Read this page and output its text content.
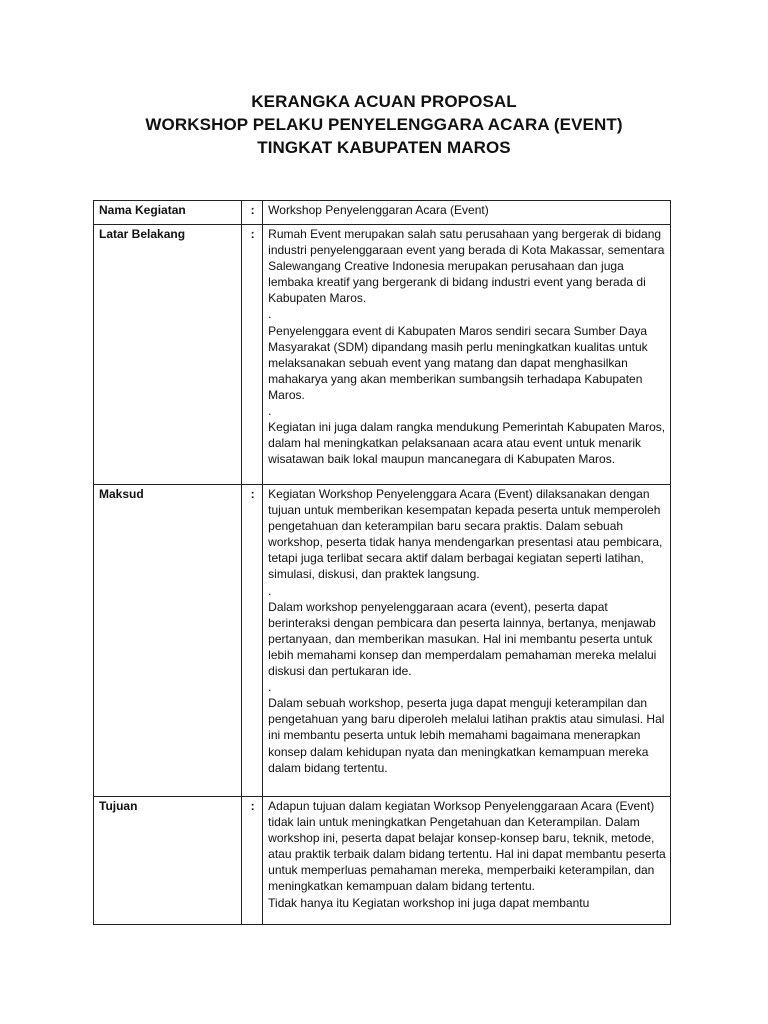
KERANGKA ACUAN PROPOSAL
WORKSHOP PELAKU PENYELENGGARA ACARA (EVENT)
TINGKAT KABUPATEN MAROS
Nama Kegiatan	:	Workshop Penyelenggaran Acara (Event)

Latar Belakang	:	Rumah Event merupakan salah satu perusahaan yang bergerak di bidang industri penyelenggaraan event yang berada di Kota Makassar, sementara Salewangang Creative Indonesia merupakan perusahaan dan juga lembaka kreatif yang bergerank di bidang industri event yang berada di Kabupaten Maros.
.
Penyelenggara event di Kabupaten Maros sendiri secara Sumber Daya Masyarakat (SDM) dipandang masih perlu meningkatkan kualitas untuk melaksanakan sebuah event yang matang dan dapat menghasilkan mahakarya yang akan memberikan sumbangsih terhadapa Kabupaten Maros.
.
Kegiatan ini juga dalam rangka mendukung Pemerintah Kabupaten Maros, dalam hal meningkatkan pelaksanaan acara atau event untuk menarik wisatawan baik lokal maupun mancanegara di Kabupaten Maros.

Maksud	:	Kegiatan Workshop Penyelenggara Acara (Event) dilaksanakan dengan tujuan untuk memberikan kesempatan kepada peserta untuk memperoleh pengetahuan dan keterampilan baru secara praktis. Dalam sebuah workshop, peserta tidak hanya mendengarkan presentasi atau pembicara, tetapi juga terlibat secara aktif dalam berbagai kegiatan seperti latihan, simulasi, diskusi, dan praktek langsung.
.
Dalam workshop penyelenggaraan acara (event), peserta dapat berinteraksi dengan pembicara dan peserta lainnya, bertanya, menjawab pertanyaan, dan memberikan masukan. Hal ini membantu peserta untuk lebih memahami konsep dan memperdalam pemahaman mereka melalui diskusi dan pertukaran ide.
.
Dalam sebuah workshop, peserta juga dapat menguji keterampilan dan pengetahuan yang baru diperoleh melalui latihan praktis atau simulasi. Hal ini membantu peserta untuk lebih memahami bagaimana menerapkan konsep dalam kehidupan nyata dan meningkatkan kemampuan mereka dalam bidang tertentu.

Tujuan	:	Adapun tujuan dalam kegiatan Worksop Penyelenggaraan Acara (Event) tidak lain untuk meningkatkan Pengetahuan dan Keterampilan. Dalam workshop ini, peserta dapat belajar konsep-konsep baru, teknik, metode, atau praktik terbaik dalam bidang tertentu. Hal ini dapat membantu peserta untuk memperluas pemahaman mereka, memperbaiki keterampilan, dan meningkatkan kemampuan dalam bidang tertentu.
Tidak hanya itu Kegiatan workshop ini juga dapat membantu
